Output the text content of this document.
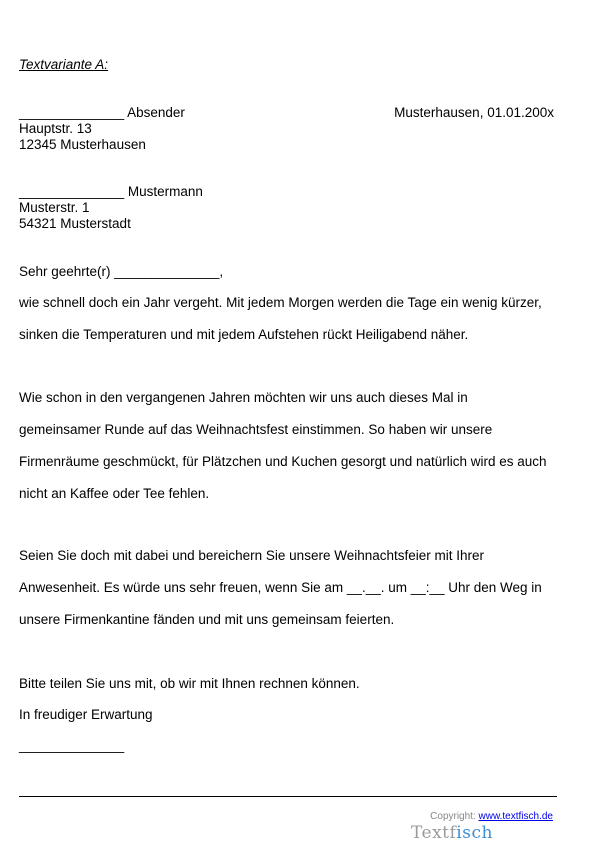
Textvariante A:
______________ Absender	Musterhausen, 01.01.200x
Hauptstr. 13
12345 Musterhausen
______________ Mustermann
Musterstr. 1
54321 Musterstadt
Sehr geehrte(r) ______________,
wie schnell doch ein Jahr vergeht. Mit jedem Morgen werden die Tage ein wenig kürzer,
sinken die Temperaturen und mit jedem Aufstehen rückt Heiligabend näher.
Wie schon in den vergangenen Jahren möchten wir uns auch dieses Mal in
gemeinsamer Runde auf das Weihnachtsfest einstimmen. So haben wir unsere
Firmenräume geschmückt, für Plätzchen und Kuchen gesorgt und natürlich wird es auch
nicht an Kaffee oder Tee fehlen.
Seien Sie doch mit dabei und bereichern Sie unsere Weihnachtsfeier mit Ihrer
Anwesenheit. Es würde uns sehr freuen, wenn Sie am __.__. um __:__ Uhr den Weg in
unsere Firmenkantine fänden und mit uns gemeinsam feierten.
Bitte teilen Sie uns mit, ob wir mit Ihnen rechnen können.
In freudiger Erwartung
______________
Copyright: www.textfisch.de
Textfisch
